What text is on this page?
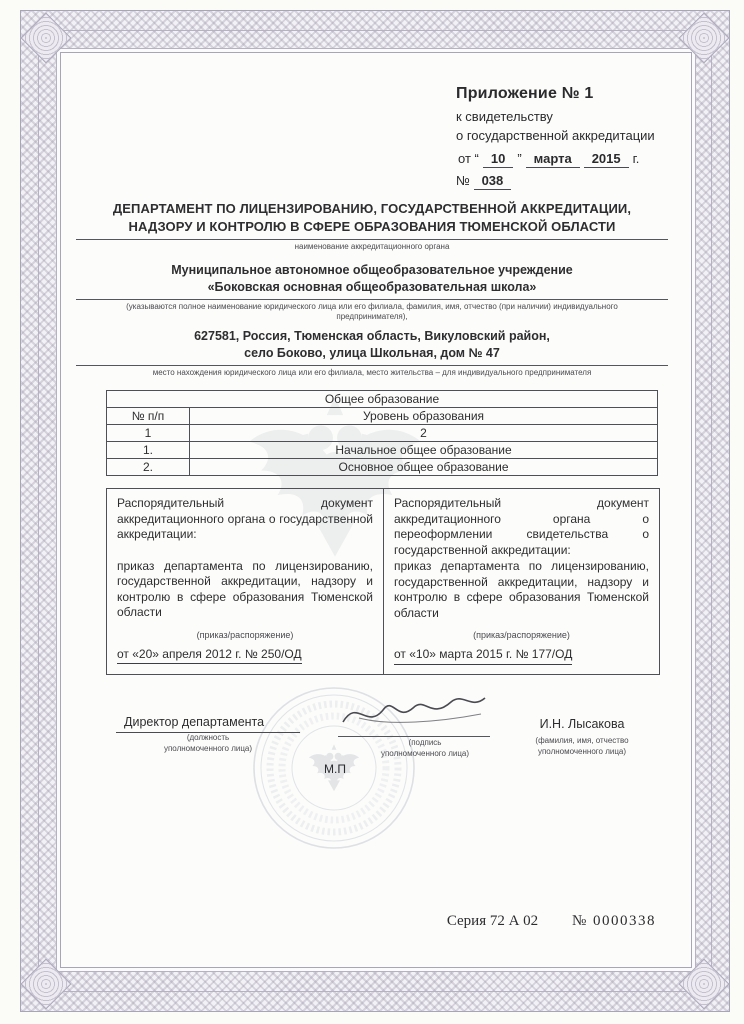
Приложение № 1
к свидетельству
о государственной аккредитации
от “ 10 ” марта 2015 г.
№ 038
ДЕПАРТАМЕНТ ПО ЛИЦЕНЗИРОВАНИЮ, ГОСУДАРСТВЕННОЙ АККРЕДИТАЦИИ,
НАДЗОРУ И КОНТРОЛЮ В СФЕРЕ ОБРАЗОВАНИЯ ТЮМЕНСКОЙ ОБЛАСТИ
наименование аккредитационного органа
Муниципальное автономное общеобразовательное учреждение
«Боковская основная общеобразовательная школа»
(указываются полное наименование юридического лица или его филиала, фамилия, имя, отчество (при наличии) индивидуального предпринимателя),
627581, Россия, Тюменская область, Викуловский район,
село Боково, улица Школьная, дом № 47
место нахождения юридического лица или его филиала, место жительства – для индивидуального предпринимателя
Общее образование	
№ п/п	Уровень образования
1	2
1.	Начальное общее образование
2.	Основное общее образование
Распорядительный документ аккредитационного органа о государственной аккредитации:
приказ департамента по лицензированию, государственной аккредитации, надзору и контролю в сфере образования Тюменской области
(приказ/распоряжение)
от «20» апреля 2012 г. № 250/ОД
Распорядительный документ аккредитационного органа о переоформлении свидетельства о государственной аккредитации:
приказ департамента по лицензированию, государственной аккредитации, надзору и контролю в сфере образования Тюменской области
(приказ/распоряжение)
от «10» марта 2015 г. № 177/ОД
Директор департамента
(должность
уполномоченного лица)
(подпись
уполномоченного лица)
И.Н. Лысакова
(фамилия, имя, отчество
уполномоченного лица)
М.П
Серия 72 А 02 № 0000338
